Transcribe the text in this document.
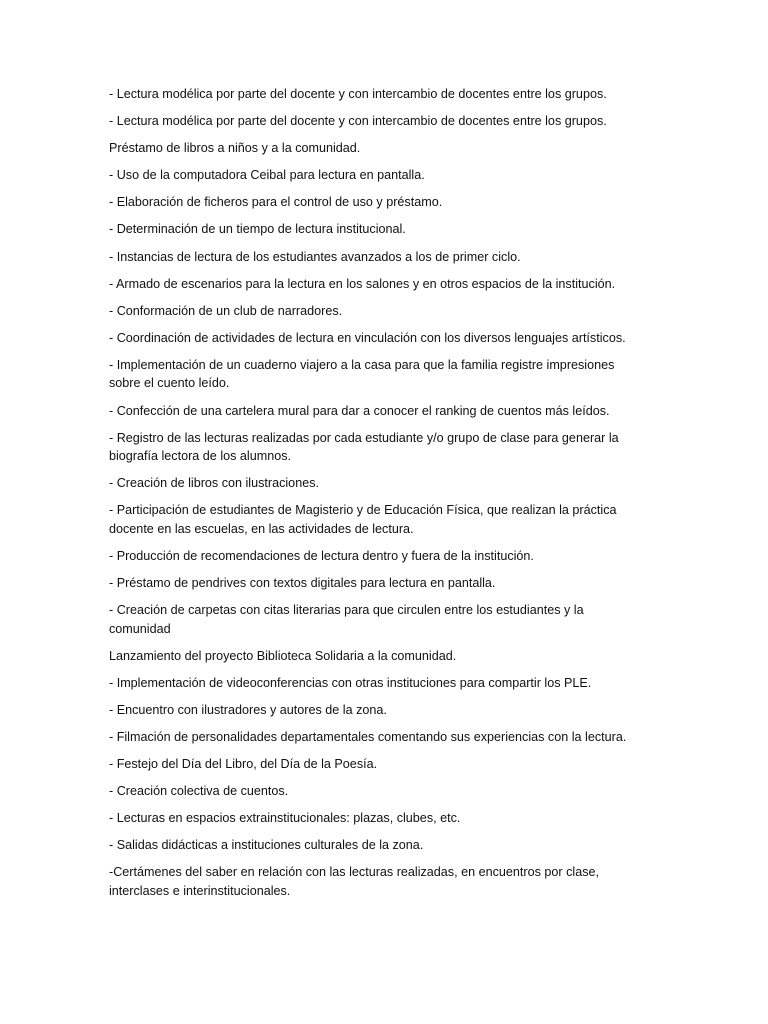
- Lectura modélica por parte del docente y con intercambio de docentes entre los grupos.

- Lectura modélica por parte del docente y con intercambio de docentes entre los grupos.

Préstamo de libros a niños y a la comunidad.

- Uso de la computadora Ceibal para lectura en pantalla.

- Elaboración de ficheros para el control de uso y préstamo.

- Determinación de un tiempo de lectura institucional.

- Instancias de lectura de los estudiantes avanzados a los de primer ciclo.

- Armado de escenarios para la lectura en los salones y en otros espacios de la institución.

- Conformación de un club de narradores.

- Coordinación de actividades de lectura en vinculación con los diversos lenguajes artísticos.

- Implementación de un cuaderno viajero a la casa para que la familia registre impresiones sobre el cuento leído.

- Confección de una cartelera mural para dar a conocer el ranking de cuentos más leídos.

- Registro de las lecturas realizadas por cada estudiante y/o grupo de clase para generar la biografía lectora de los alumnos.

- Creación de libros con ilustraciones.

- Participación de estudiantes de Magisterio y de Educación Física, que realizan la práctica docente en las escuelas, en las actividades de lectura.

- Producción de recomendaciones de lectura dentro y fuera de la institución.

- Préstamo de pendrives con textos digitales para lectura en pantalla.

- Creación de carpetas con citas literarias para que circulen entre los estudiantes y la comunidad

Lanzamiento del proyecto Biblioteca Solidaria a la comunidad.

- Implementación de videoconferencias con otras instituciones para compartir los PLE.

- Encuentro con ilustradores y autores de la zona.

- Filmación de personalidades departamentales comentando sus experiencias con la lectura.

- Festejo del Día del Libro, del Día de la Poesía.

- Creación colectiva de cuentos.

- Lecturas en espacios extrainstitucionales: plazas, clubes, etc.

- Salidas didácticas a instituciones culturales de la zona.

-Certámenes del saber en relación con las lecturas realizadas, en encuentros por clase, interclases e interinstitucionales.
